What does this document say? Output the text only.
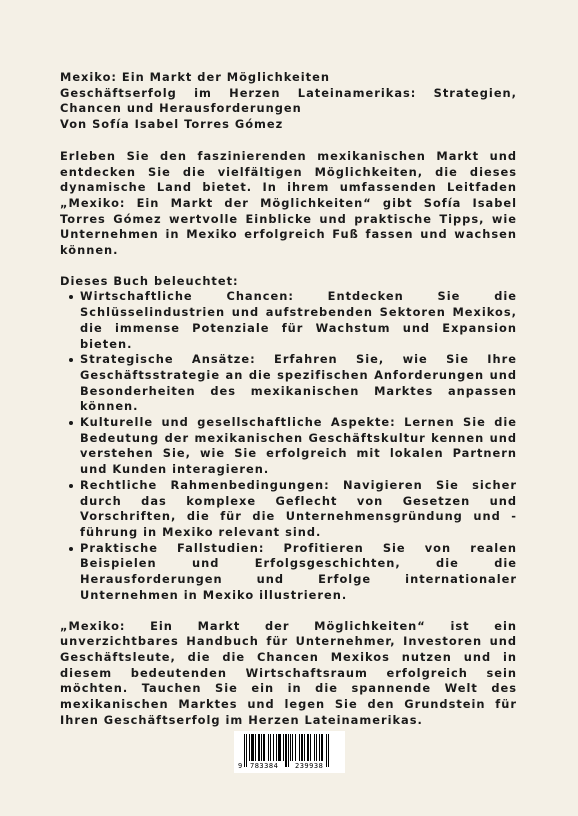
Mexiko: Ein Markt der Möglichkeiten
Geschäftserfolg im Herzen Lateinamerikas: Strategien, Chancen und Herausforderungen
Von Sofía Isabel Torres Gómez

Erleben Sie den faszinierenden mexikanischen Markt und entdecken Sie die vielfältigen Möglichkeiten, die dieses dynamische Land bietet. In ihrem umfassenden Leitfaden „Mexiko: Ein Markt der Möglichkeiten“ gibt Sofía Isabel Torres Gómez wertvolle Einblicke und praktische Tipps, wie Unternehmen in Mexiko erfolgreich Fuß fassen und wachsen können.

Dieses Buch beleuchtet:
Wirtschaftliche Chancen: Entdecken Sie die Schlüsselindustrien und aufstrebenden Sektoren Mexikos, die immense Potenziale für Wachstum und Expansion bieten.
Strategische Ansätze: Erfahren Sie, wie Sie Ihre Geschäftsstrategie an die spezifischen Anforderungen und Besonderheiten des mexikanischen Marktes anpassen können.
Kulturelle und gesellschaftliche Aspekte: Lernen Sie die Bedeutung der mexikanischen Geschäftskultur kennen und verstehen Sie, wie Sie erfolgreich mit lokalen Partnern und Kunden interagieren.
Rechtliche Rahmenbedingungen: Navigieren Sie sicher durch das komplexe Geflecht von Gesetzen und Vorschriften, die für die Unternehmensgründung und -führung in Mexiko relevant sind.
Praktische Fallstudien: Profitieren Sie von realen Beispielen und Erfolgsgeschichten, die die Herausforderungen und Erfolge internationaler Unternehmen in Mexiko illustrieren.

„Mexiko: Ein Markt der Möglichkeiten“ ist ein unverzichtbares Handbuch für Unternehmer, Investoren und Geschäftsleute, die die Chancen Mexikos nutzen und in diesem bedeutenden Wirtschaftsraum erfolgreich sein möchten. Tauchen Sie ein in die spannende Welt des mexikanischen Marktes und legen Sie den Grundstein für Ihren Geschäftserfolg im Herzen Lateinamerikas.

9 783384 239938
